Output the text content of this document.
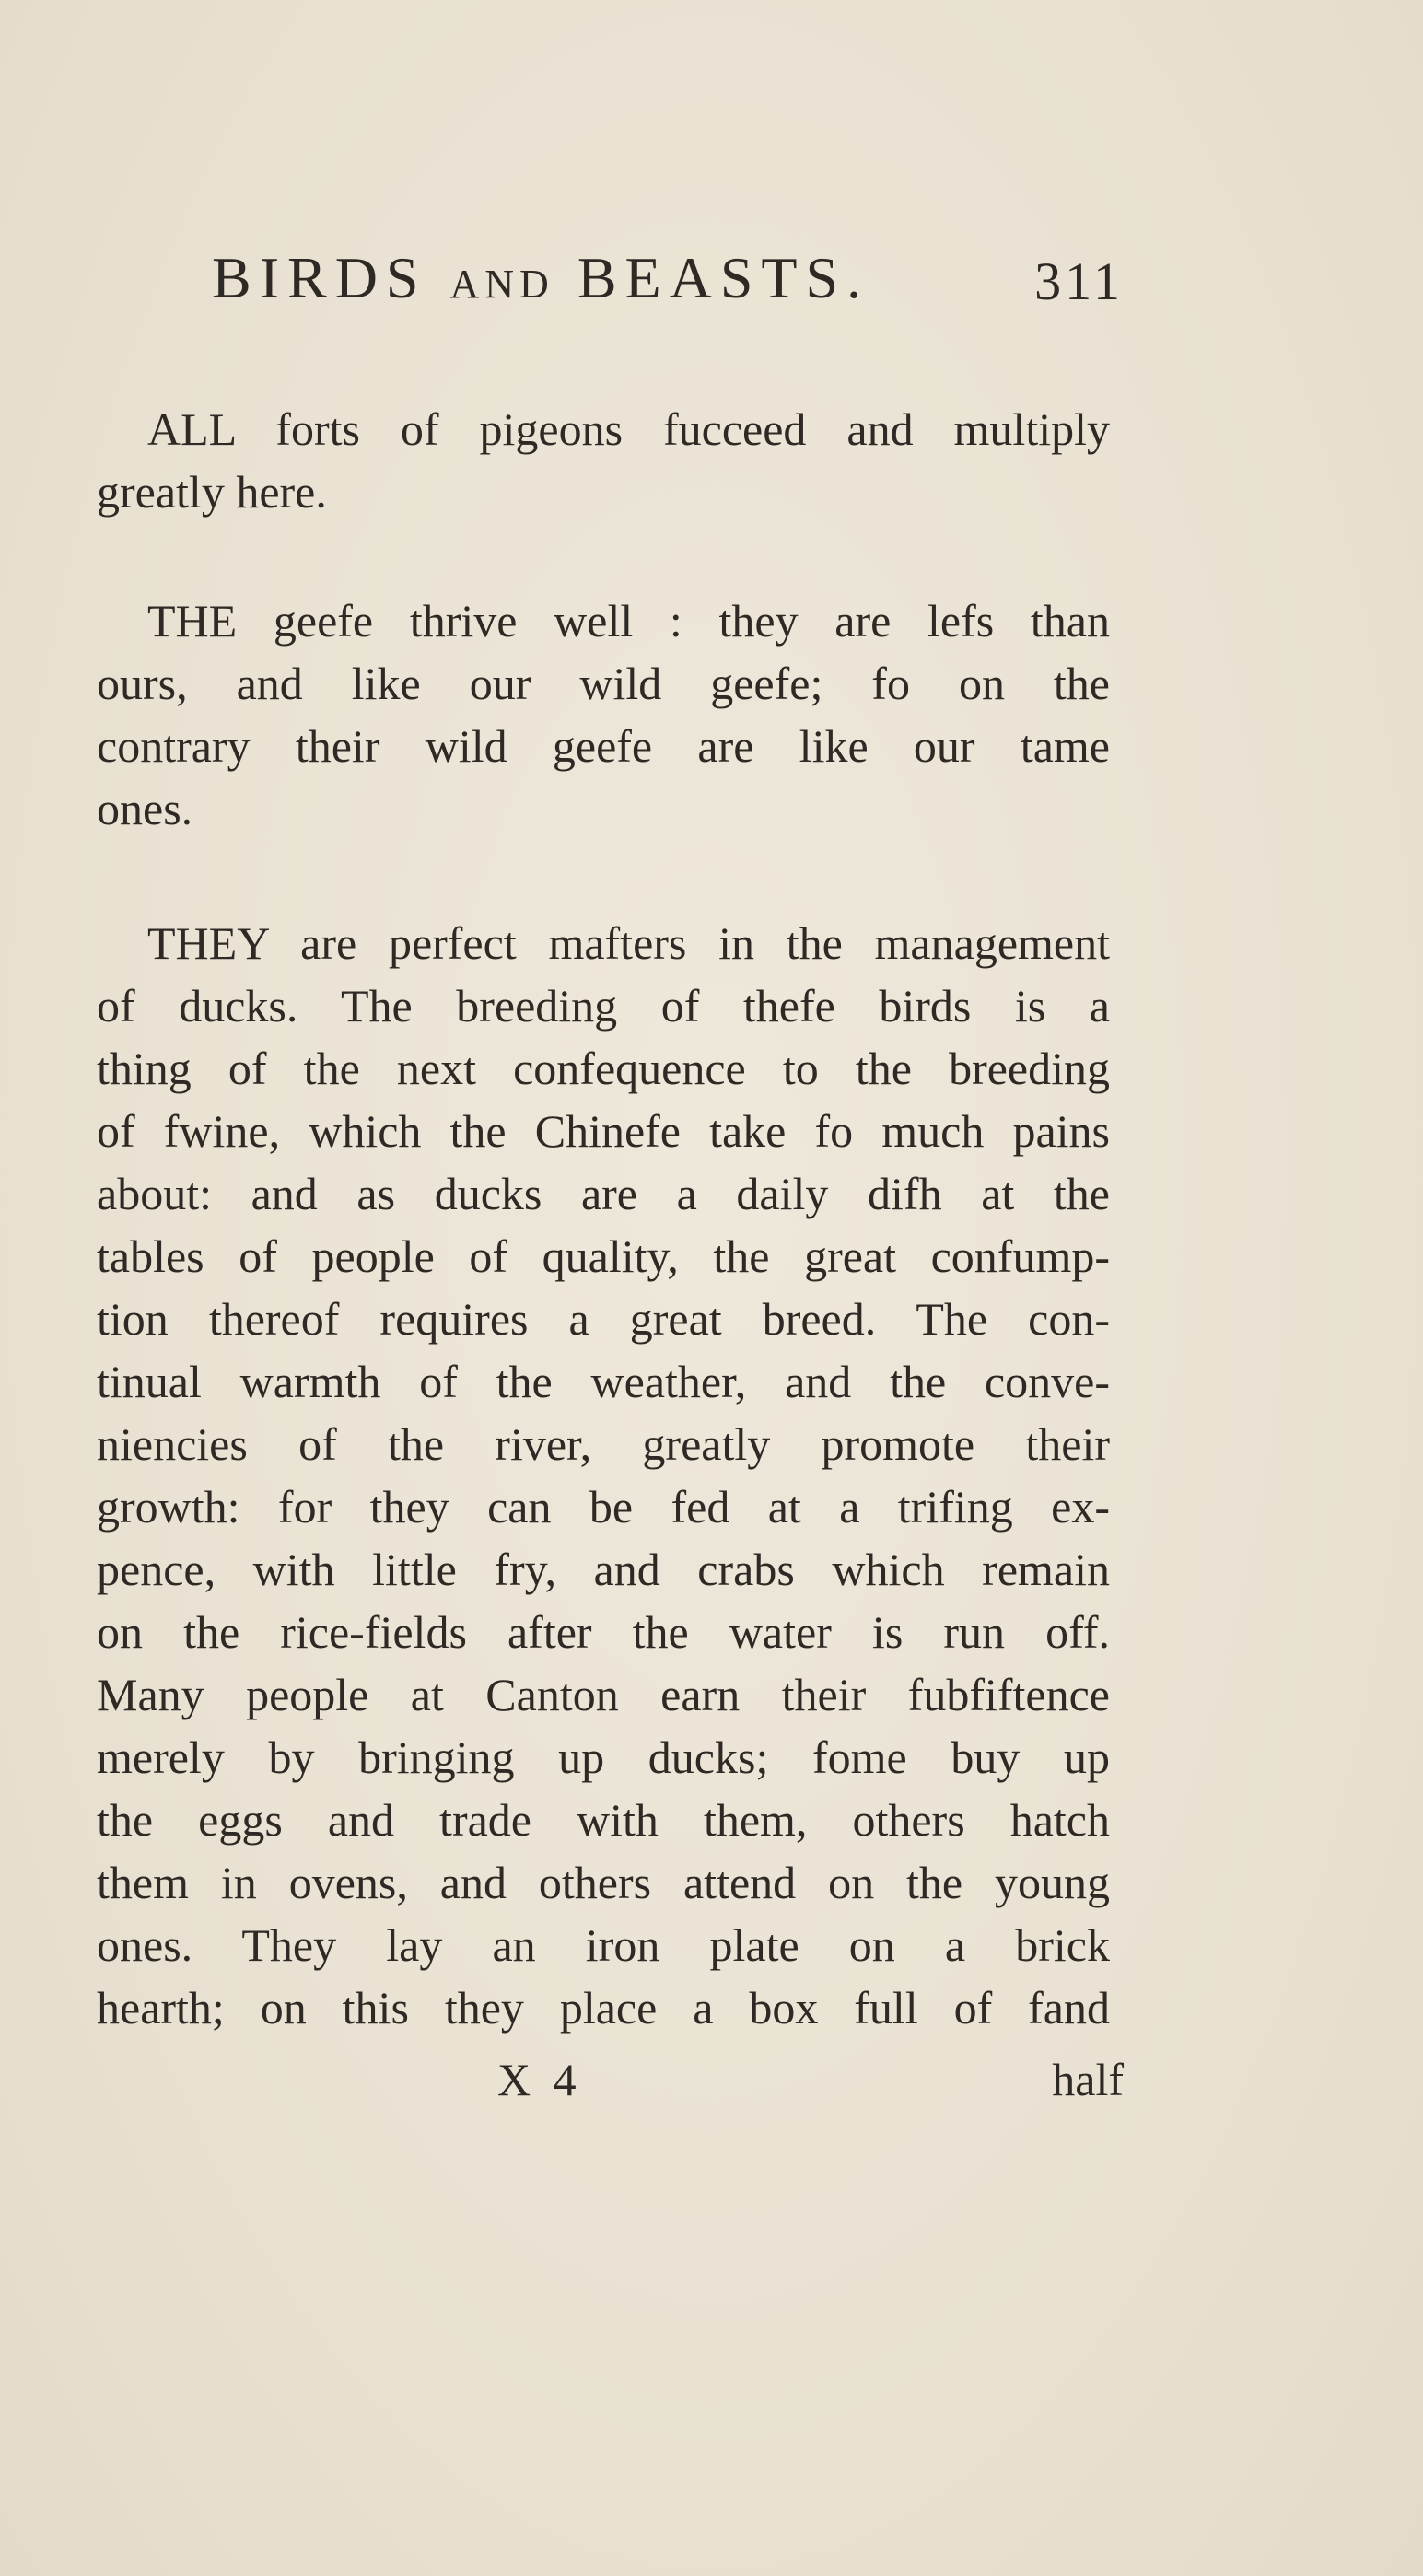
BIRDS AND BEASTS.	311
ALL forts of pigeons fucceed and multiply
greatly here.
THE geefe thrive well : they are lefs than
ours, and like our wild geefe; fo on the
contrary their wild geefe are like our tame
ones.
THEY are perfect mafters in the management
of ducks. The breeding of thefe birds is a
thing of the next confequence to the breeding
of fwine, which the Chinefe take fo much pains
about: and as ducks are a daily difh at the
tables of people of quality, the great confump-
tion thereof requires a great breed. The con-
tinual warmth of the weather, and the conve-
niencies of the river, greatly promote their
growth: for they can be fed at a trifing ex-
pence, with little fry, and crabs which remain
on the rice-fields after the water is run off.
Many people at Canton earn their fubfiftence
merely by bringing up ducks; fome buy up
the eggs and trade with them, others hatch
them in ovens, and others attend on the young
ones. They lay an iron plate on a brick
hearth; on this they place a box full of fand
X 4	half
